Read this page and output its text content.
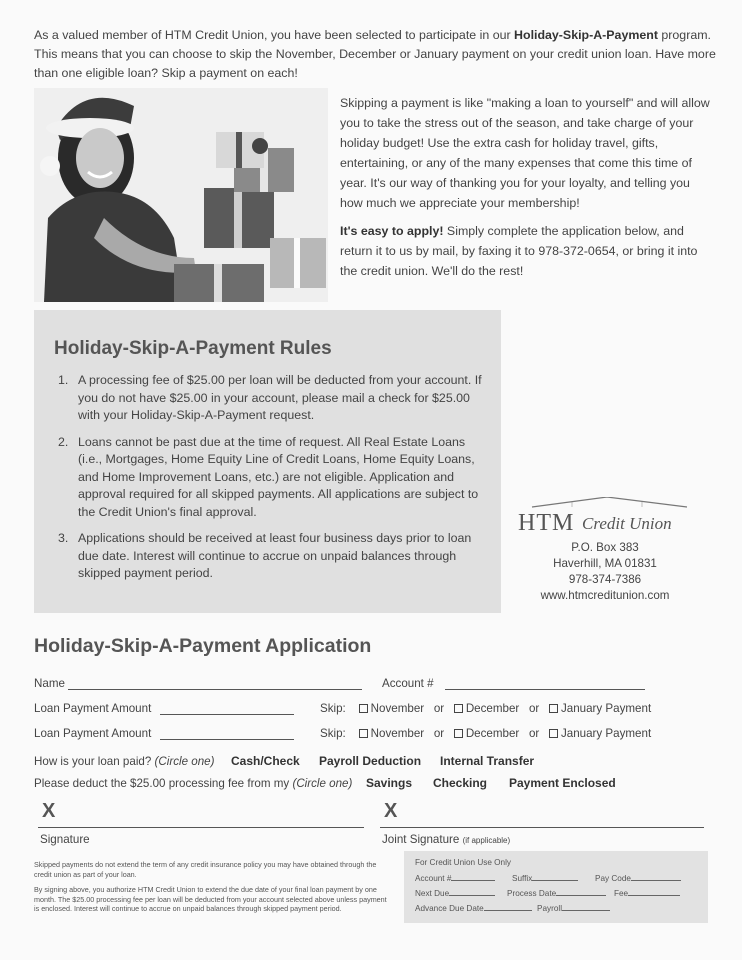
As a valued member of HTM Credit Union, you have been selected to participate in our Holiday-Skip-A-Payment program. This means that you can choose to skip the November, December or January payment on your credit union loan. Have more than one eligible loan? Skip a payment on each!

Skipping a payment is like "making a loan to yourself" and will allow you to take the stress out of the season, and take charge of your holiday budget! Use the extra cash for holiday travel, gifts, entertaining, or any of the many expenses that come this time of year. It's our way of thanking you for your loyalty, and telling you how much we appreciate your membership!

It's easy to apply! Simply complete the application below, and return it to us by mail, by faxing it to 978-372-0654, or bring it into the credit union. We'll do the rest!

Holiday-Skip-A-Payment Rules
1. A processing fee of $25.00 per loan will be deducted from your account. If you do not have $25.00 in your account, please mail a check for $25.00 with your Holiday-Skip-A-Payment request.
2. Loans cannot be past due at the time of request. All Real Estate Loans (i.e., Mortgages, Home Equity Line of Credit Loans, Home Equity Loans, and Home Improvement Loans, etc.) are not eligible. Application and approval required for all skipped payments. All applications are subject to the Credit Union's final approval.
3. Applications should be received at least four business days prior to loan due date. Interest will continue to accrue on unpaid balances through skipped payment period.
HTM Credit Union
P.O. Box 383
Haverhill, MA 01831
978-374-7386
www.htmcreditunion.com
Holiday-Skip-A-Payment Application
Name	Account #
Loan Payment Amount	Skip: November or December or January Payment
Loan Payment Amount	Skip: November or December or January Payment
How is your loan paid? (Circle one) Cash/Check Payroll Deduction Internal Transfer
Please deduct the $25.00 processing fee from my (Circle one) Savings Checking Payment Enclosed
X
Signature
X
Joint Signature (if applicable)

Skipped payments do not extend the term of any credit insurance policy you may have obtained through the credit union as part of your loan.

By signing above, you authorize HTM Credit Union to extend the due date of your final loan payment by one month. The $25.00 processing fee per loan will be deducted from your account selected above unless payment is enclosed. Interest will continue to accrue on unpaid balances through skipped payment period.

For Credit Union Use Only
Account #	Suffix	Pay Code
Next Due	Process Date	Fee
Advance Due Date	Payroll
